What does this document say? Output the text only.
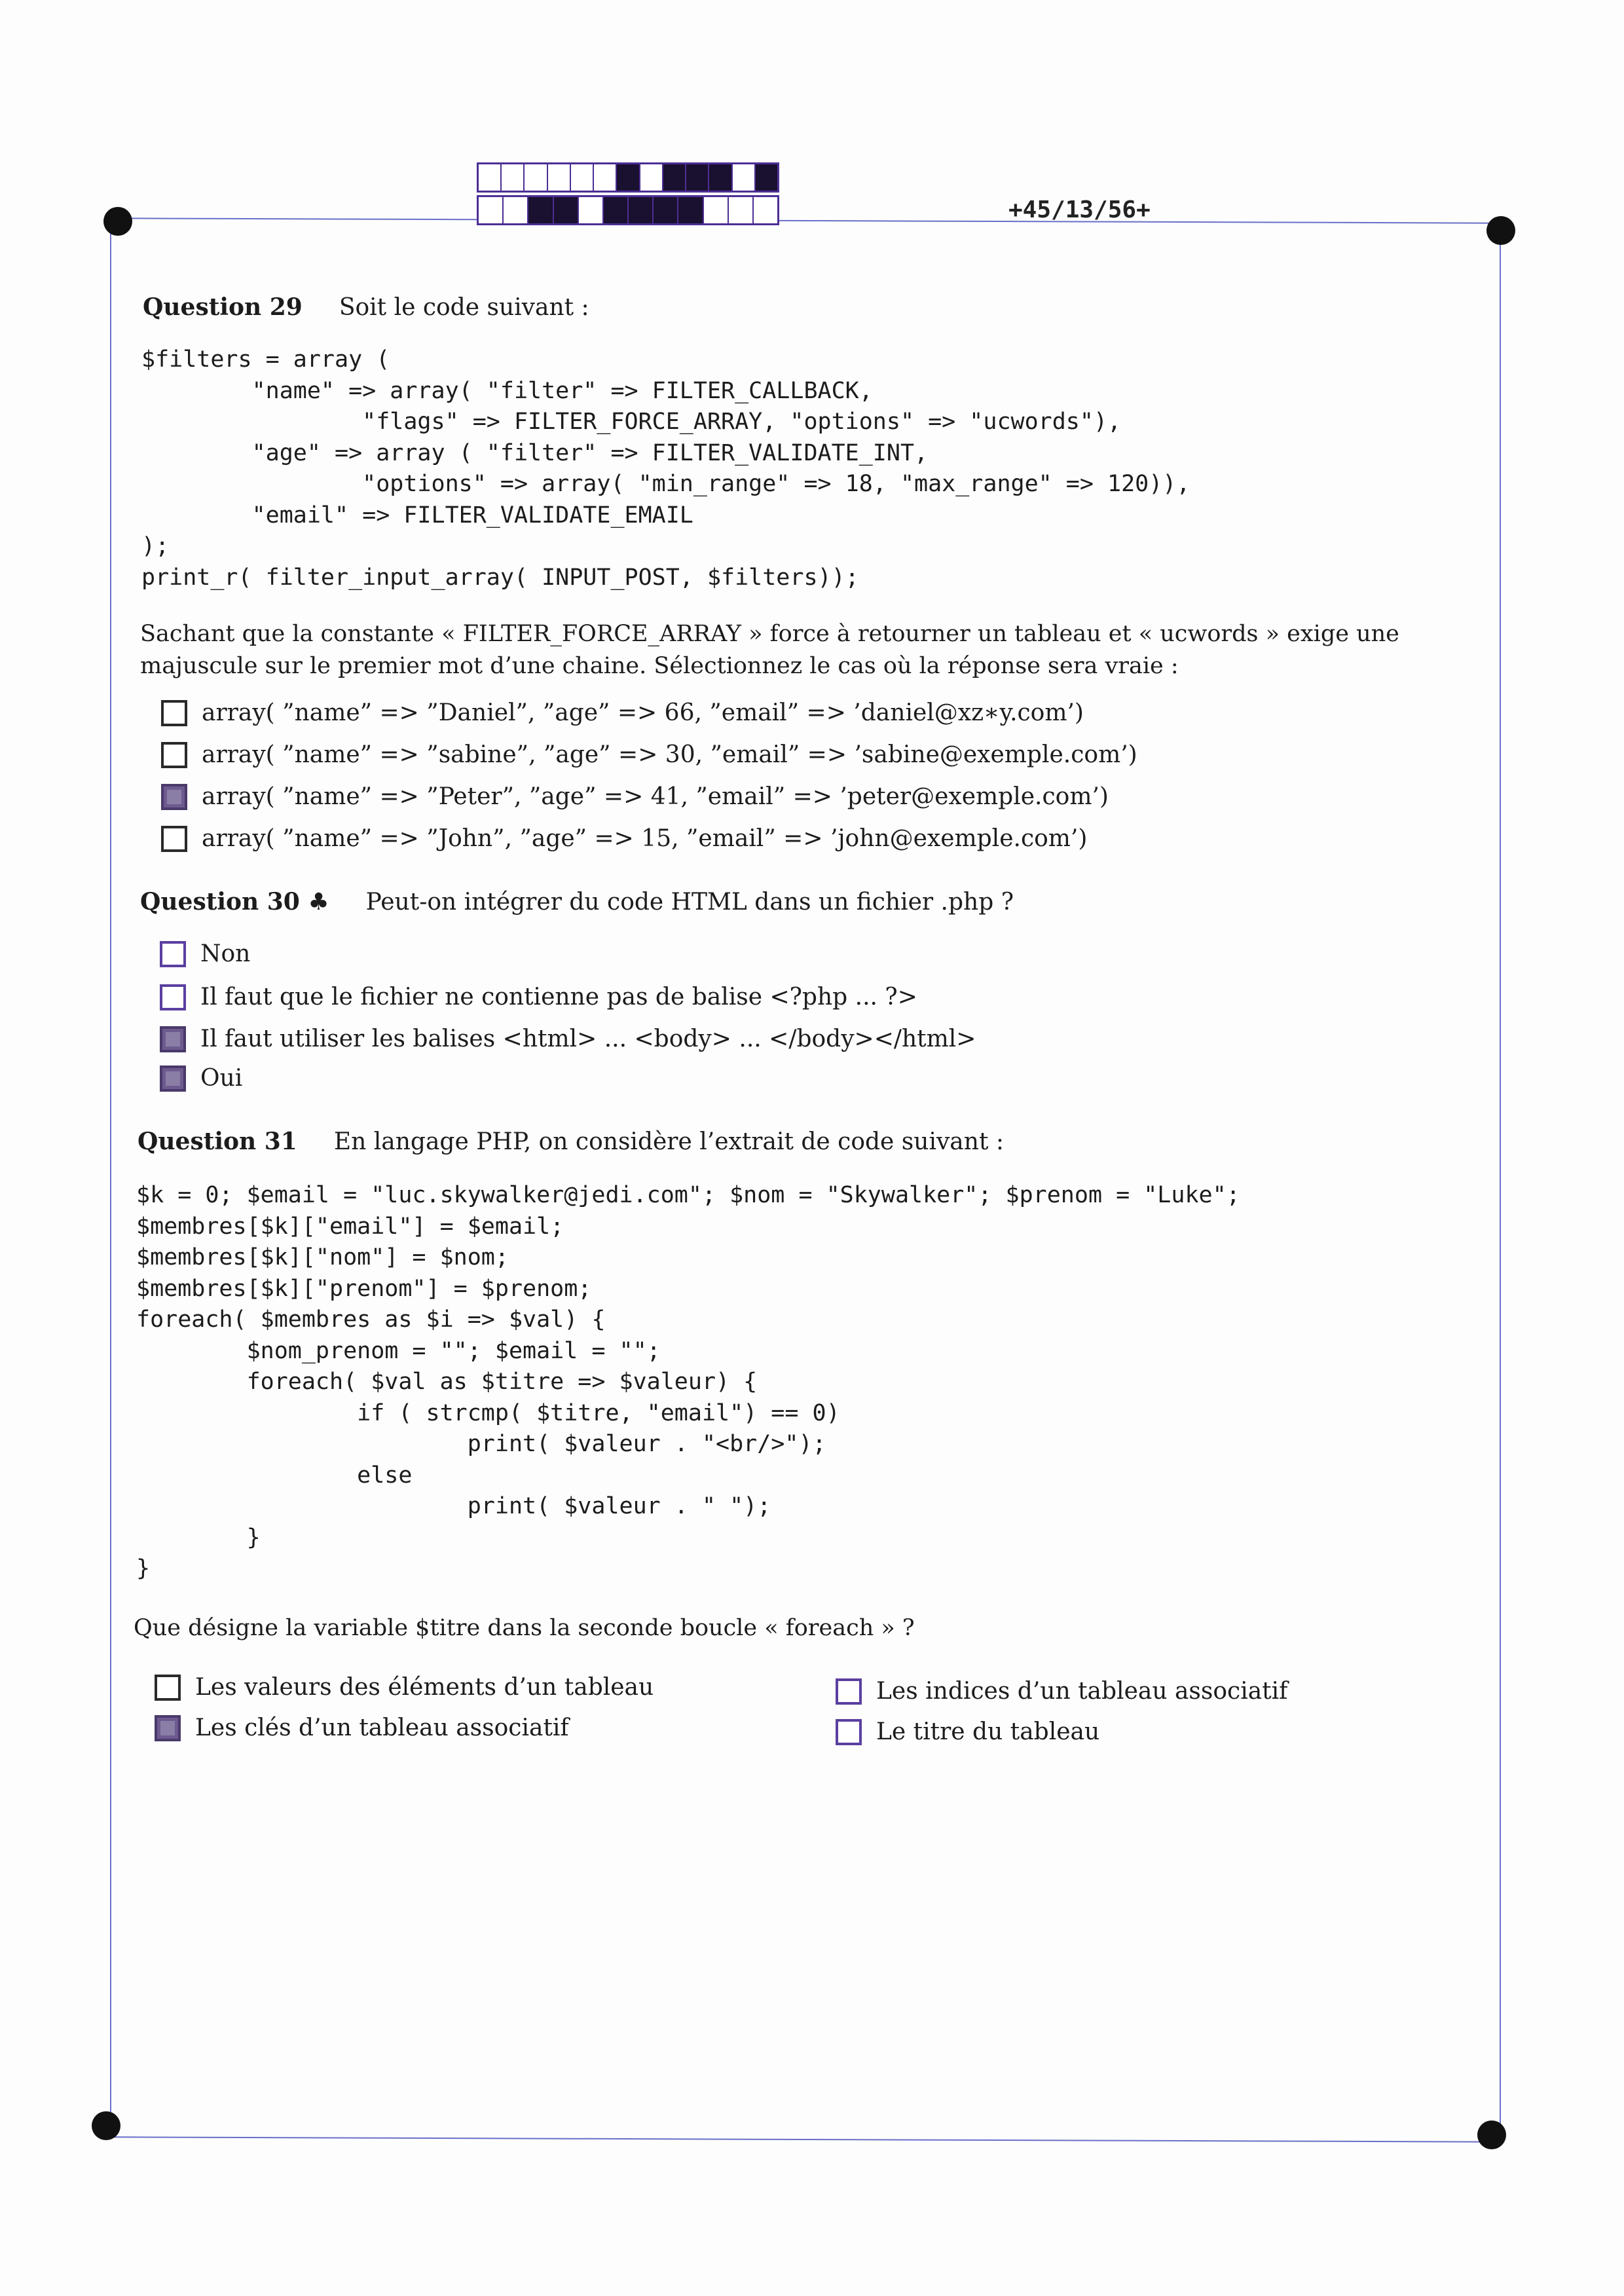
+45/13/56+
Question 29 Soit le code suivant :
$filters = array (
"name" => array( "filter" => FILTER_CALLBACK,
"flags" => FILTER_FORCE_ARRAY, "options" => "ucwords"),
"age" => array ( "filter" => FILTER_VALIDATE_INT,
"options" => array( "min_range" => 18, "max_range" => 120)),
"email" => FILTER_VALIDATE_EMAIL
);
print_r( filter_input_array( INPUT_POST, $filters));
Sachant que la constante « FILTER_FORCE_ARRAY » force à retourner un tableau et « ucwords » exige une majuscule sur le premier mot d’une chaine. Sélectionnez le cas où la réponse sera vraie :
array( ”name” => ”Daniel”, ”age” => 66, ”email” => ’daniel@xz∗y.com’)
array( ”name” => ”sabine”, ”age” => 30, ”email” => ’sabine@exemple.com’)
array( ”name” => ”Peter”, ”age” => 41, ”email” => ’peter@exemple.com’)
array( ”name” => ”John”, ”age” => 15, ”email” => ’john@exemple.com’)
Question 30 ♣ Peut-on intégrer du code HTML dans un fichier .php ?
Non
Il faut que le fichier ne contienne pas de balise <?php ... ?>
Il faut utiliser les balises <html> ... <body> ... </body></html>
Oui
Question 31 En langage PHP, on considère l’extrait de code suivant :
$k = 0; $email = "luc.skywalker@jedi.com"; $nom = "Skywalker"; $prenom = "Luke";
$membres[$k]["email"] = $email;
$membres[$k]["nom"] = $nom;
$membres[$k]["prenom"] = $prenom;
foreach( $membres as $i => $val) {
$nom_prenom = ""; $email = "";
foreach( $val as $titre => $valeur) {
if ( strcmp( $titre, "email") == 0)
print( $valeur . "<br/>");
else
print( $valeur . " ");
}
}
Que désigne la variable $titre dans la seconde boucle « foreach » ?
Les valeurs des éléments d’un tableau
Les clés d’un tableau associatif
Les indices d’un tableau associatif
Le titre du tableau
